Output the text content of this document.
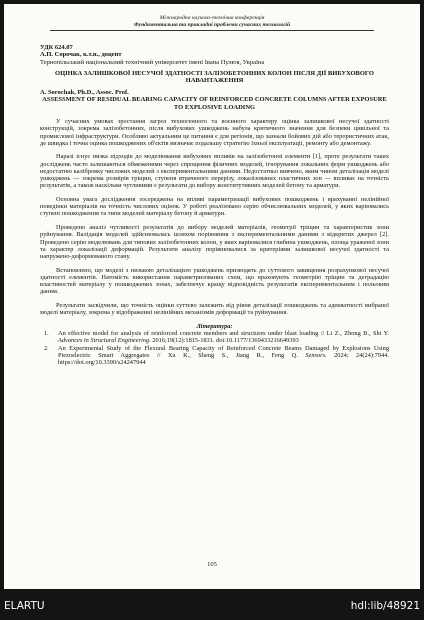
Міжнародна науково-технічна конференція
Фундаментальна та прикладні проблеми сучасних технологій
УДК 624.07
А.П. Сорочак, к.т.н., доцент
Тернопільський національний технічний університет імені Івана Пулюя, Україна
ОЦІНКА ЗАЛИШКОВОЇ НЕСУЧОЇ ЗДАТНОСТІ ЗАЛІЗОБЕТОННИХ КОЛОН ПІСЛЯ ДІЇ ВИБУХОВОГО НАВАНТАЖЕННЯ
A. Sorochak, Ph.D., Assoc. Prof.
ASSESSMENT OF RESIDUAL BEARING CAPACITY OF REINFORCED CONCRETE COLUMNS AFTER EXPOSURE TO EXPLOSIVE LOADING

У сучасних умовах зростання загроз техногенного та воєнного характеру оцінка залишкової несучої здатності конструкцій, зокрема залізобетонних, після вибухових ушкоджень набула критичного значення для безпеки цивільної та промислової інфраструктури. Особливо актуальним це питання є для регіонів, що зазнали бойових дій або терористичних атак, де швидка і точна оцінка пошкоджених об'єктів визначає подальшу стратегію їхньої експлуатації, ремонту або демонтажу.

Наразі існує низка підходів до моделювання вибухових впливів на залізобетонні елементи [1], проте результати таких досліджень часто залишаються обмеженими через спрощення фізичних моделей, ігнорування локальних форм ушкоджень або недостатню калібровку числових моделей з експериментальними даними. Недостатньо вивчено, яким чином деталізація моделі ушкоджень — зокрема розмірів тріщин, ступеня втраченого перерізу, локалізованих пластичних зон — впливає на точність результатів, а також наскільки чутливими є результати до вибору конститутивних моделей бетону та арматури.

Основна увага дослідження зосереджена на впливі параметризації вибухових пошкоджень і врахуванні нелінійної поведінки матеріалів на точність числових оцінок. У роботі реалізовано серію обчислювальних моделей, у яких варіювались ступені пошкодження та типи моделей матеріалу бетону й арматури.

Проведено аналіз чутливості результатів до вибору моделей матеріалів, геометрії тріщин та характеристик зони руйнування. Валідація моделей здійснювалась шляхом порівняння з експериментальними даними з відкритих джерел [2]. Проведено серію моделювань для типових залізобетонних колон, у яких варіювалися глибина ушкоджень, площа ураженої зони та характер локалізації деформацій. Результати аналізу порівнювалися за критеріями залишкової несучої здатності та напружено-деформованого стану.

Встановлено, що моделі з низькою деталізацією ушкоджень призводять до суттєвого завищення розрахункової несучої здатності елементів. Натомість використання параметризованих схем, що враховують геометрію тріщин та деградацію властивостей матеріалу у пошкоджених зонах, забезпечує кращу відповідність результатів експериментальним і польовим даним.

Результати засвідчили, що точність оцінки суттєво залежить від рівня деталізації пошкоджень та адекватності вибраної моделі матеріалу, зокрема у відображенні нелінійних механізмів деформації та руйнування.

Література:
1.	An effective model for analysis of reinforced concrete members and structures under blast loading // Li Z., Zhong B., Shi Y. Advances in Structural Engineering. 2016;19(12):1815-1831. doi:10.1177/1369433216649393
2.	An Experimental Study of the Flexural Bearing Capacity of Reinforced Concrete Beams Damaged by Explosions Using Piezoelectric Smart Aggregates // Xu K., Sheng S., Jiang R., Feng Q. Sensors. 2024; 24(24):7944. https://doi.org/10.3390/s24247944
105
ELARTU	hdl:lib/48921
